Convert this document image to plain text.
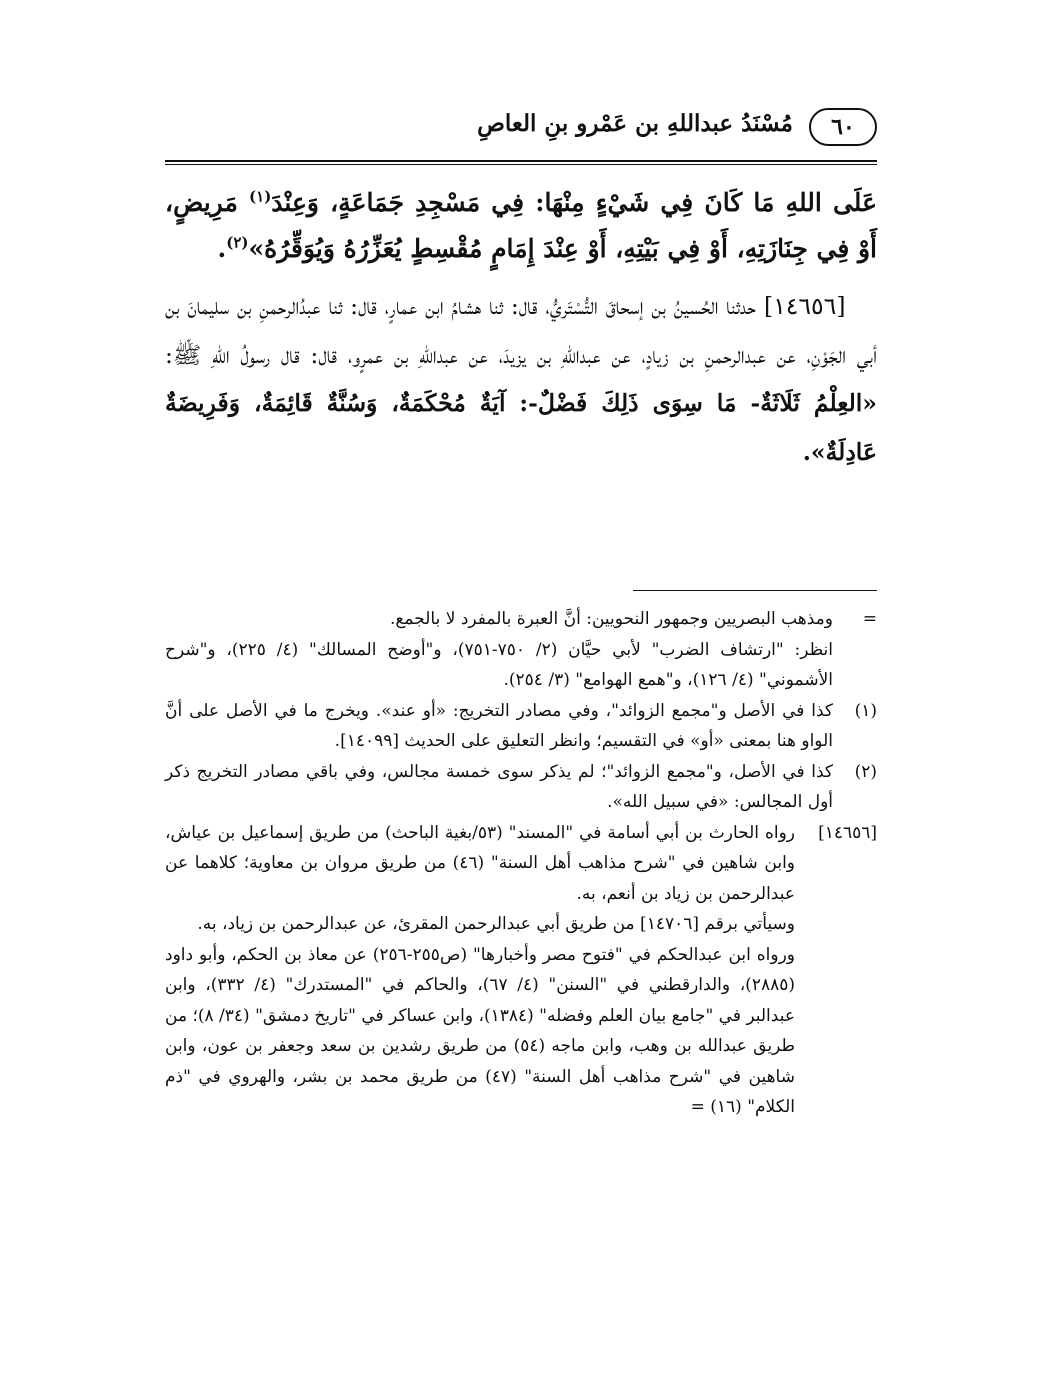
٦٠
مُسْنَدُ عبداللهِ بن عَمْرو بنِ العاصِ

عَلَى اللهِ مَا كَانَ فِي شَيْءٍ مِنْهَا: فِي مَسْجِدِ جَمَاعَةٍ، وَعِنْدَ$^{(١)}$ مَرِيضٍ، أَوْ فِي جِنَازَتِهِ، أَوْ فِي بَيْتِهِ، أَوْ عِنْدَ إِمَامٍ مُقْسِطٍ يُعَزِّرُهُ وَيُوَقِّرُهُ»$^{(٢)}$.

[١٤٦٥٦] حدثنا الحُسينُ بن إسحاقَ التُّسْتَريُّ، قال: ثنا هشامُ ابن عمارٍ، قال: ثنا عبدُالرحمنِ بن سليمانَ بن أبي الجَوْنِ، عن عبدالرحمنِ بن زيادٍ، عن عبداللهِ بن يزيدَ، عن عبداللهِ بن عمرٍو، قال: قال رسولُ اللهِ ﷺ: «العِلْمُ ثَلَاثَةٌ- مَا سِوَى ذَلِكَ فَضْلٌ-: آيَةٌ مُحْكَمَةٌ، وَسُنَّةٌ قَائِمَةٌ، وَفَرِيضَةٌ عَادِلَةٌ».

=

ومذهب البصريين وجمهور النحويين: أنَّ العبرة بالمفرد لا بالجمع.

انظر: "ارتشاف الضرب" لأبي حيَّان (٢/ ٧٥٠-٧٥١)، و"أوضح المسالك" (٤/ ٢٢٥)، و"شرح الأشموني" (٤/ ١٢٦)، و"همع الهوامع" (٣/ ٢٥٤).

(١)
كذا في الأصل و"مجمع الزوائد"، وفي مصادر التخريج: «أو عند». ويخرج ما في الأصل على أنَّ الواو هنا بمعنى «أو» في التقسيم؛ وانظر التعليق على الحديث [١٤٠٩٩].
(٢)
كذا في الأصل، و"مجمع الزوائد"؛ لم يذكر سوى خمسة مجالس، وفي باقي مصادر التخريج ذكر أول المجالس: «في سبيل الله».
[١٤٦٥٦]

رواه الحارث بن أبي أسامة في "المسند" (٥٣/بغية الباحث) من طريق إسماعيل بن عياش، وابن شاهين في "شرح مذاهب أهل السنة" (٤٦) من طريق مروان بن معاوية؛ كلاهما عن عبدالرحمن بن زياد بن أنعم، به.

وسيأتي برقم [١٤٧٠٦] من طريق أبي عبدالرحمن المقرئ، عن عبدالرحمن بن زياد، به.

ورواه ابن عبدالحكم في "فتوح مصر وأخبارها" (ص٢٥٥-٢٥٦) عن معاذ بن الحكم، وأبو داود (٢٨٨٥)، والدارقطني في "السنن" (٤/ ٦٧)، والحاكم في "المستدرك" (٤/ ٣٣٢)، وابن عبدالبر في "جامع بيان العلم وفضله" (١٣٨٤)، وابن عساكر في "تاريخ دمشق" (٣٤/ ٨)؛ من طريق عبدالله بن وهب، وابن ماجه (٥٤) من طريق رشدين بن سعد وجعفر بن عون، وابن شاهين في "شرح مذاهب أهل السنة" (٤٧) من طريق محمد بن بشر، والهروي في "ذم الكلام" (١٦) =
